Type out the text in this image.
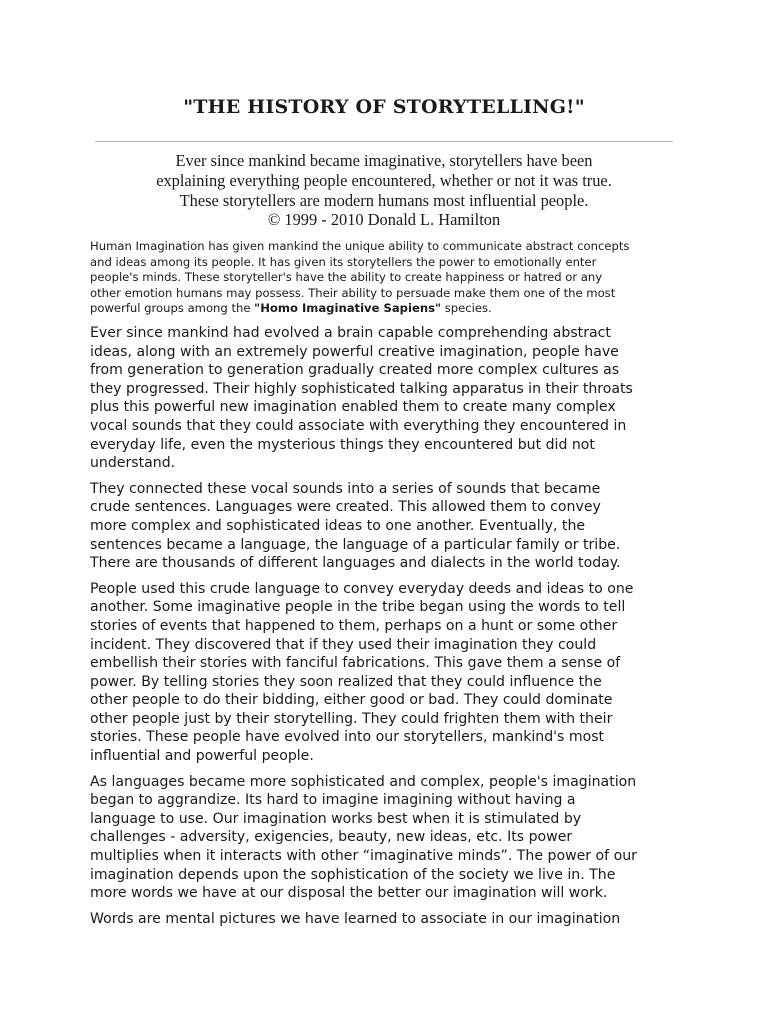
"THE HISTORY OF STORYTELLING!"
Ever since mankind became imaginative, storytellers have been
explaining everything people encountered, whether or not it was true.
These storytellers are modern humans most influential people.
© 1999 - 2010 Donald L. Hamilton
Human Imagination has given mankind the unique ability to communicate abstract concepts
and ideas among its people. It has given its storytellers the power to emotionally enter
people's minds. These storyteller's have the ability to create happiness or hatred or any
other emotion humans may possess. Their ability to persuade make them one of the most
powerful groups among the "Homo Imaginative Sapiens" species.

Ever since mankind had evolved a brain capable comprehending abstract
ideas, along with an extremely powerful creative imagination, people have
from generation to generation gradually created more complex cultures as
they progressed. Their highly sophisticated talking apparatus in their throats
plus this powerful new imagination enabled them to create many complex
vocal sounds that they could associate with everything they encountered in
everyday life, even the mysterious things they encountered but did not
understand.

They connected these vocal sounds into a series of sounds that became
crude sentences. Languages were created. This allowed them to convey
more complex and sophisticated ideas to one another. Eventually, the
sentences became a language, the language of a particular family or tribe.
There are thousands of different languages and dialects in the world today.

People used this crude language to convey everyday deeds and ideas to one
another. Some imaginative people in the tribe began using the words to tell
stories of events that happened to them, perhaps on a hunt or some other
incident. They discovered that if they used their imagination they could
embellish their stories with fanciful fabrications. This gave them a sense of
power. By telling stories they soon realized that they could influence the
other people to do their bidding, either good or bad. They could dominate
other people just by their storytelling. They could frighten them with their
stories. These people have evolved into our storytellers, mankind's most
influential and powerful people.

As languages became more sophisticated and complex, people's imagination
began to aggrandize. Its hard to imagine imagining without having a
language to use. Our imagination works best when it is stimulated by
challenges - adversity, exigencies, beauty, new ideas, etc. Its power
multiplies when it interacts with other “imaginative minds”. The power of our
imagination depends upon the sophistication of the society we live in. The
more words we have at our disposal the better our imagination will work.

Words are mental pictures we have learned to associate in our imagination
